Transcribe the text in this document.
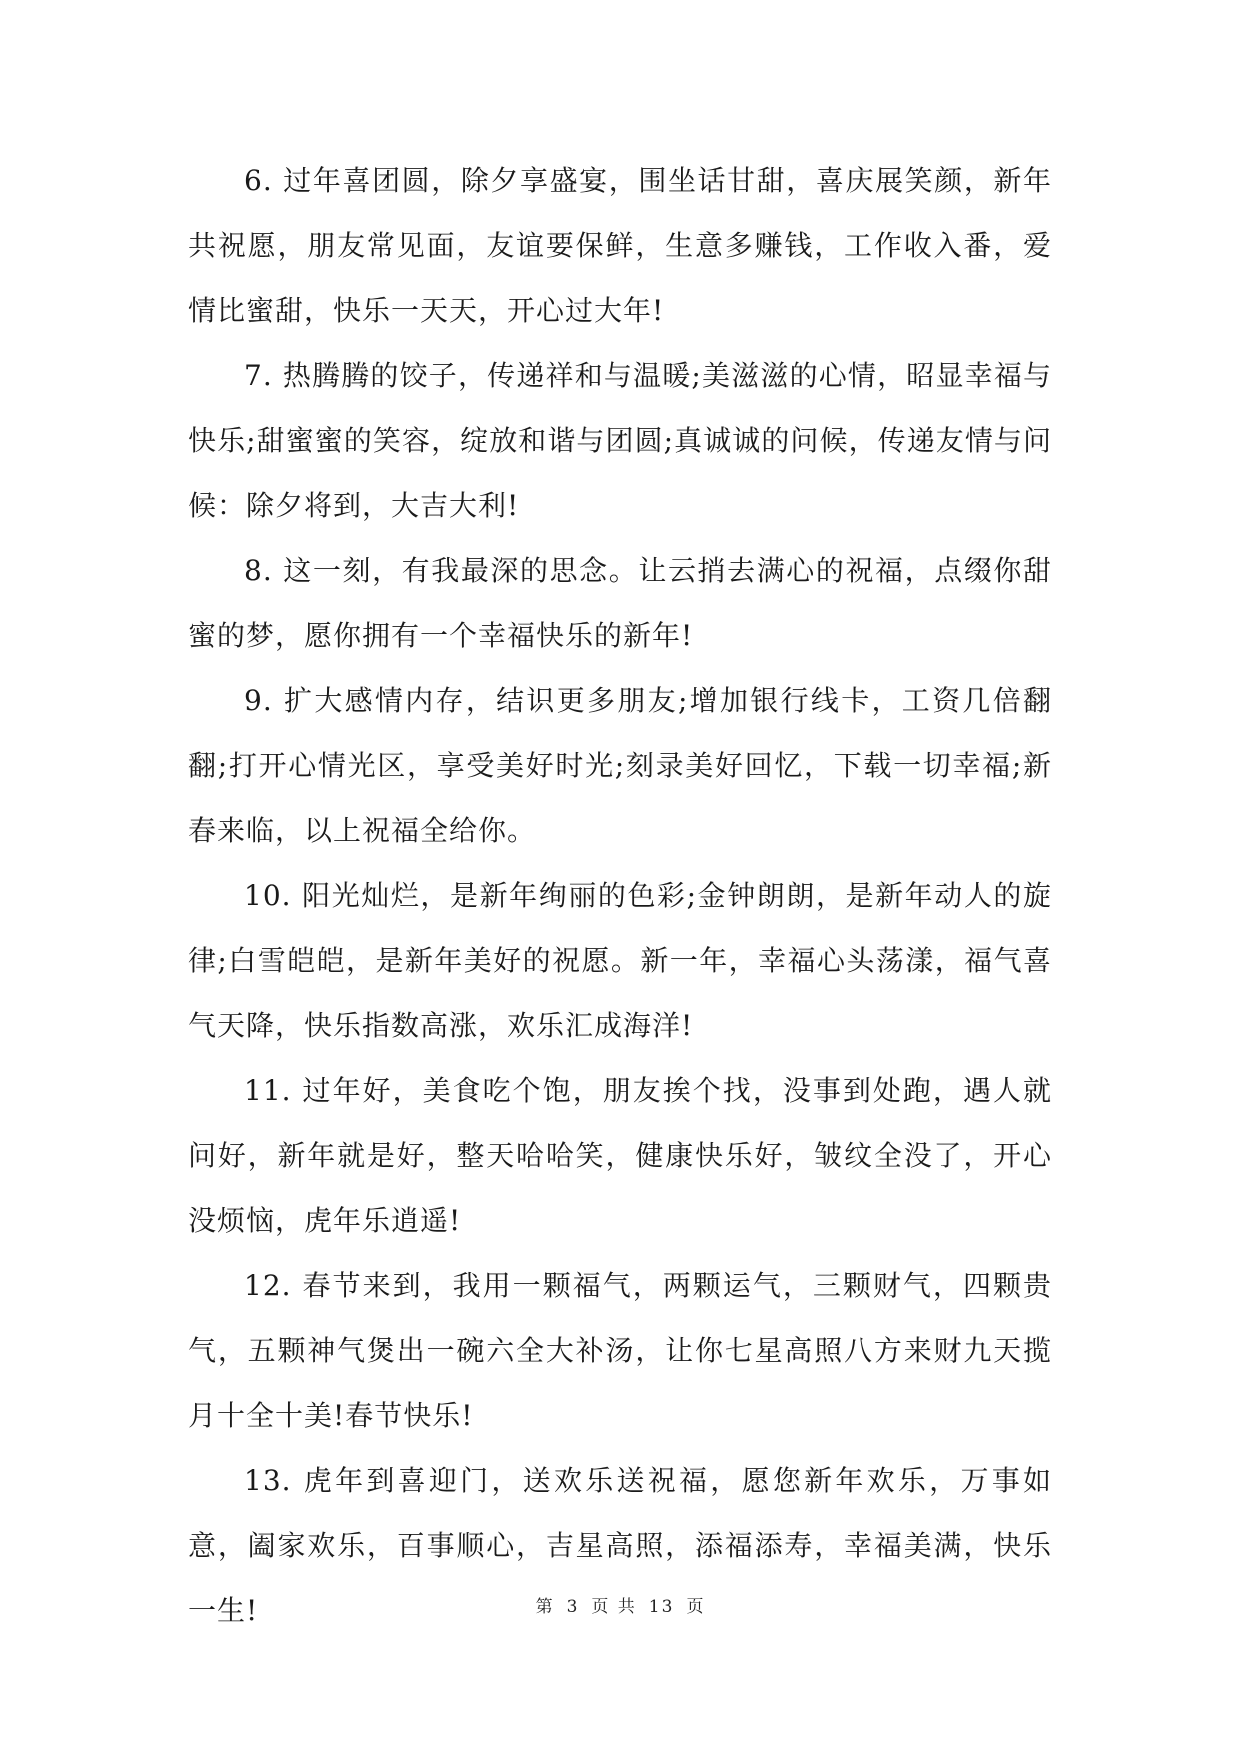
6. 过年喜团圆，除夕享盛宴，围坐话甘甜，喜庆展笑颜，新年共祝愿，朋友常见面，友谊要保鲜，生意多赚钱，工作收入番，爱情比蜜甜，快乐一天天，开心过大年!

7. 热腾腾的饺子，传递祥和与温暖;美滋滋的心情，昭显幸福与快乐;甜蜜蜜的笑容，绽放和谐与团圆;真诚诚的问候，传递友情与问候：除夕将到，大吉大利!

8. 这一刻，有我最深的思念。让云捎去满心的祝福，点缀你甜蜜的梦，愿你拥有一个幸福快乐的新年!

9. 扩大感情内存，结识更多朋友;增加银行线卡，工资几倍翻翻;打开心情光区，享受美好时光;刻录美好回忆，下载一切幸福;新春来临，以上祝福全给你。

10. 阳光灿烂，是新年绚丽的色彩;金钟朗朗，是新年动人的旋律;白雪皑皑，是新年美好的祝愿。新一年，幸福心头荡漾，福气喜气天降，快乐指数高涨，欢乐汇成海洋!

11. 过年好，美食吃个饱，朋友挨个找，没事到处跑，遇人就问好，新年就是好，整天哈哈笑，健康快乐好，皱纹全没了，开心没烦恼，虎年乐逍遥!

12. 春节来到，我用一颗福气，两颗运气，三颗财气，四颗贵气，五颗神气煲出一碗六全大补汤，让你七星高照八方来财九天揽月十全十美!春节快乐!

13. 虎年到喜迎门，送欢乐送祝福，愿您新年欢乐，万事如意，阖家欢乐，百事顺心，吉星高照，添福添寿，幸福美满，快乐一生!	第 3 页 共 13 页
